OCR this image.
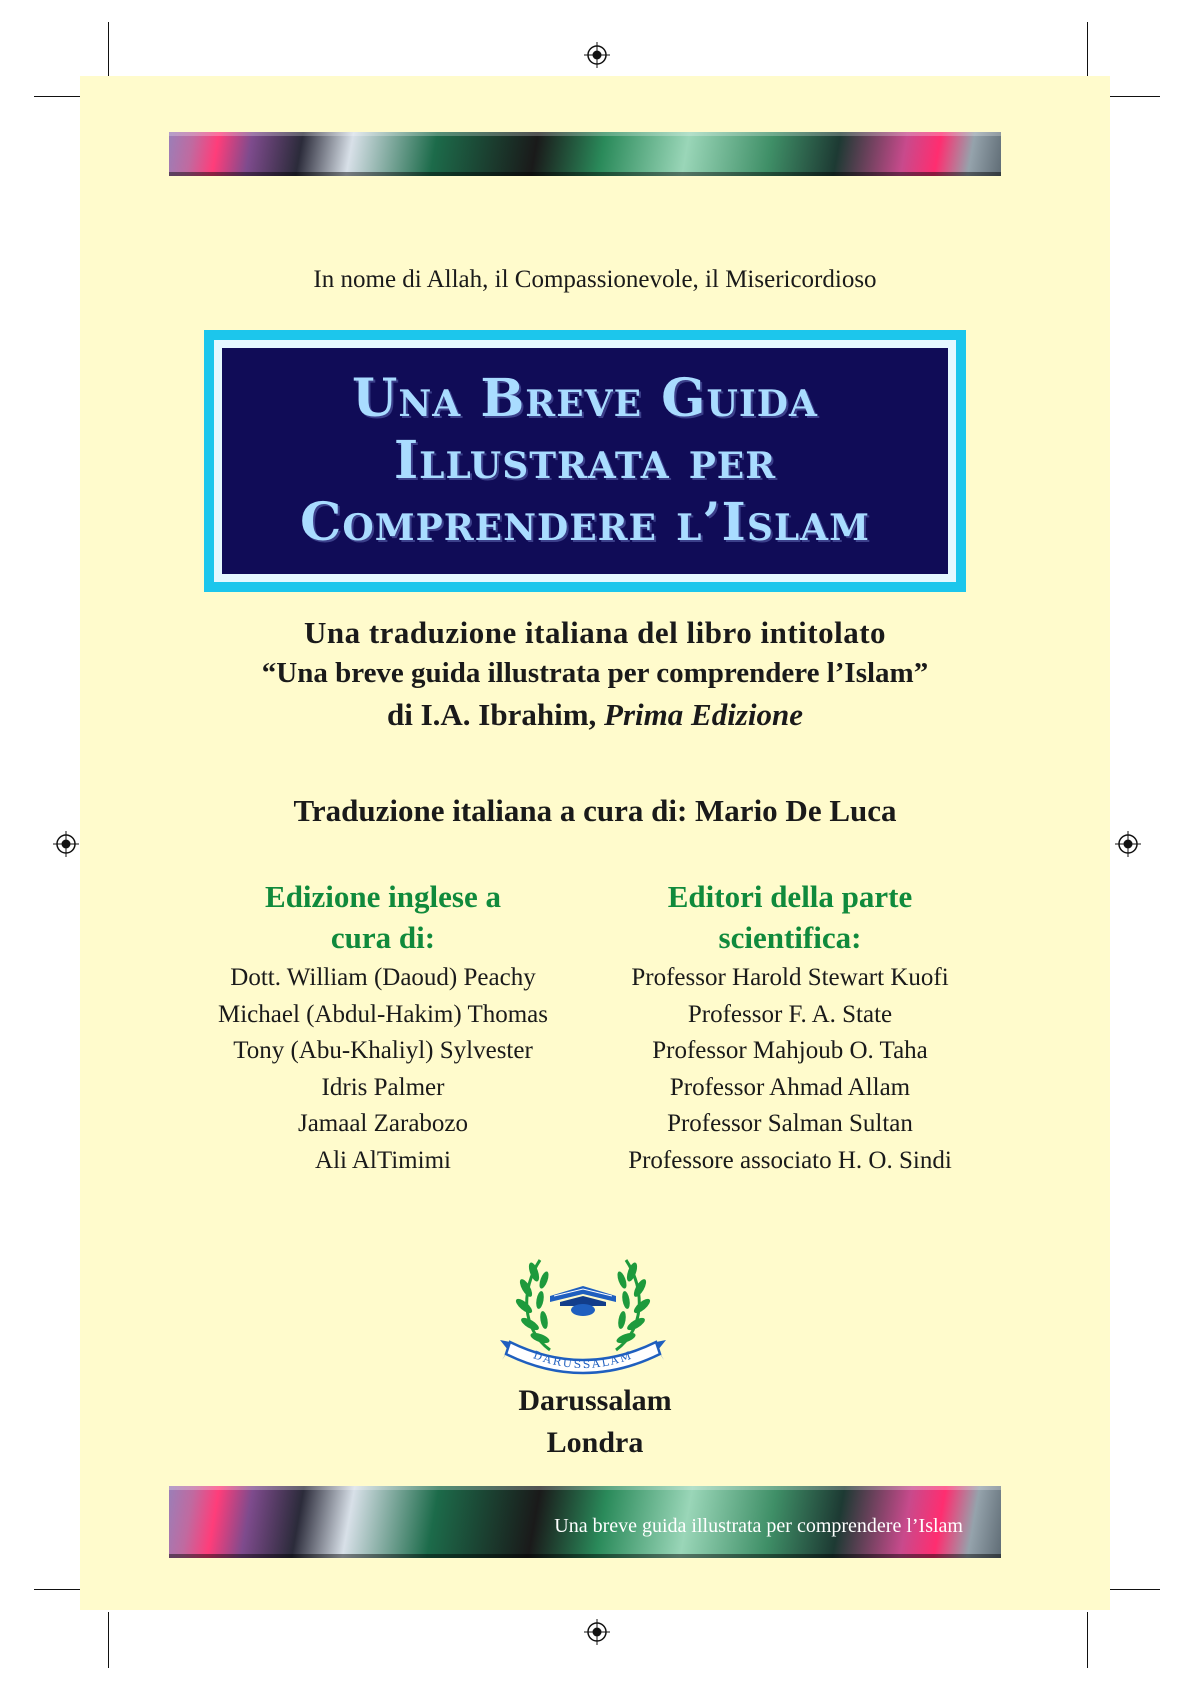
In nome di Allah, il Compassionevole, il Misericordioso
Una Breve Guida
Illustrata per
Comprendere l’Islam
Una traduzione italiana del libro intitolato
“Una breve guida illustrata per comprendere l’Islam”
di I.A. Ibrahim, Prima Edizione
Traduzione italiana a cura di: Mario De Luca
Edizione inglese a
cura di:
Dott. William (Daoud) Peachy
Michael (Abdul-Hakim) Thomas
Tony (Abu-Khaliyl) Sylvester
Idris Palmer
Jamaal Zarabozo
Ali AlTimimi
Editori della parte
scientifica:
Professor Harold Stewart Kuofi
Professor F. A. State
Professor Mahjoub O. Taha
Professor Ahmad Allam
Professor Salman Sultan
Professore associato H. O. Sindi
DARUSSALAM
Darussalam
Londra
Una breve guida illustrata per comprendere l’Islam
